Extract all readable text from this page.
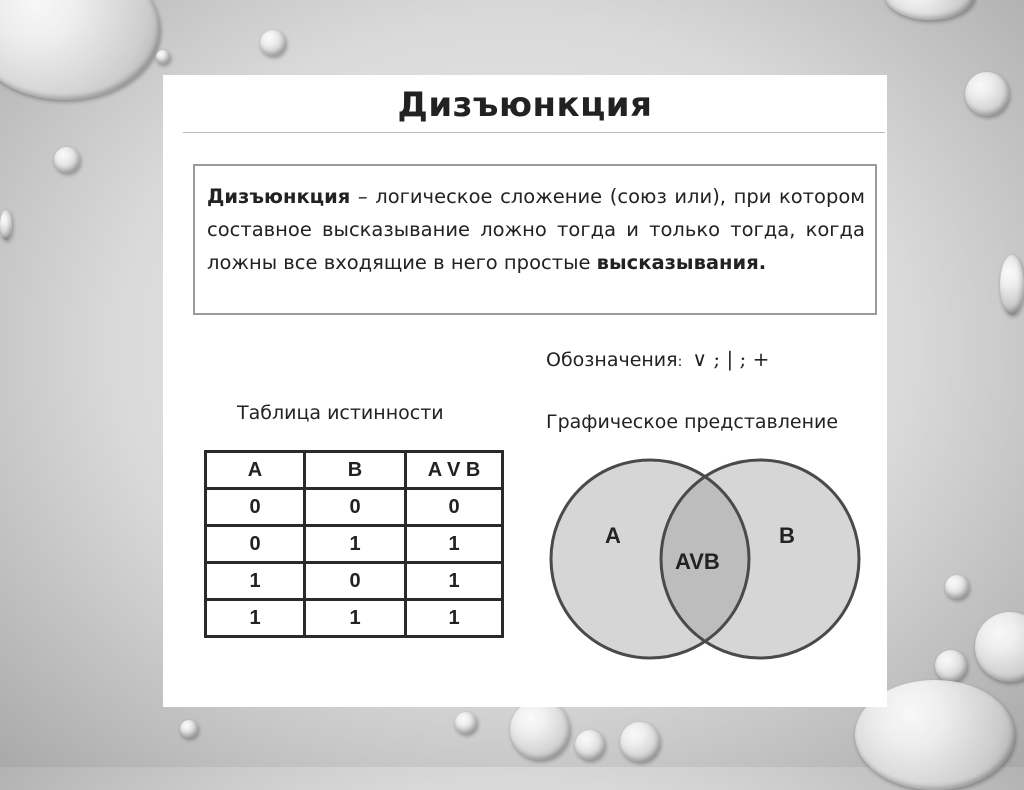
Дизъюнкция
Дизъюнкция – логическое сложение (союз или), при котором составное высказывание ложно тогда и только тогда, когда ложны все входящие в него простые высказывания.
Обозначения: ∨ ; | ; +
Графическое представление
Таблица истинности
A	B	A V B
0	0	0
0	1	1
1	0	1
1	1	1
A	B
AVB
